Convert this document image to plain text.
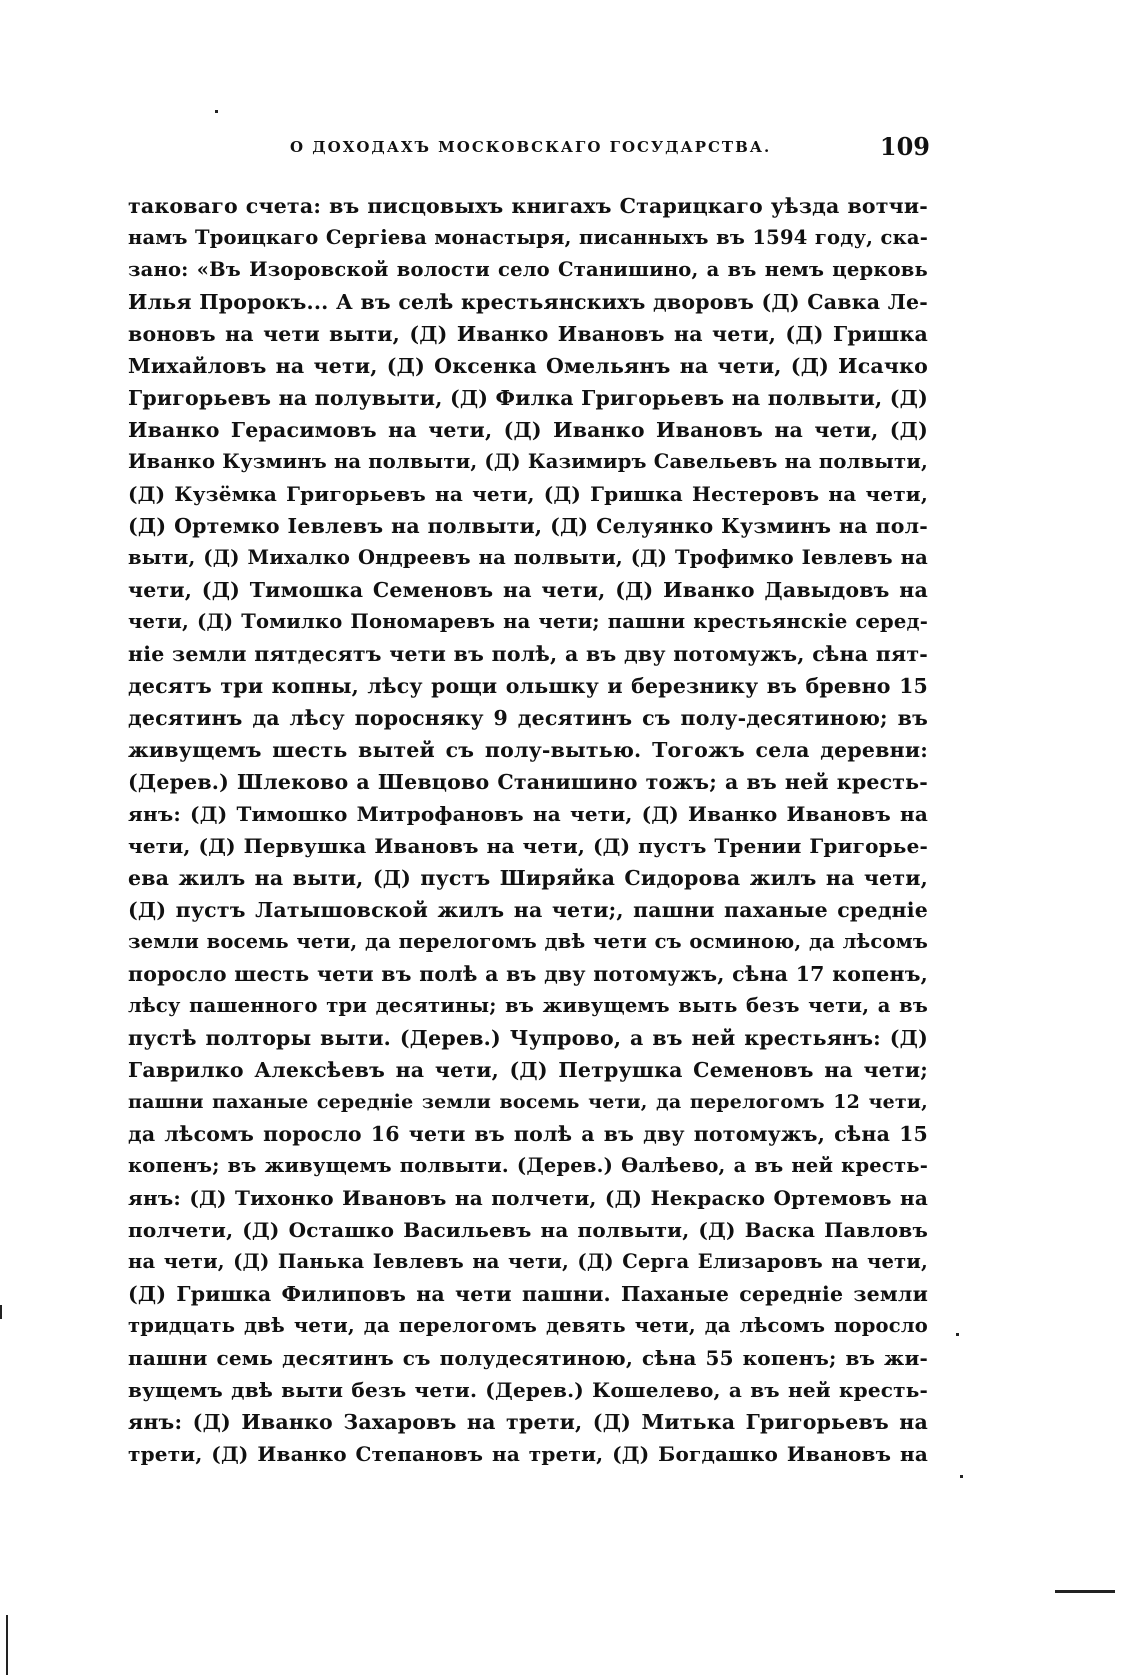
О ДОХОДАХЪ МОСКОВСКАГО ГОСУДАРСТВА.	109
таковаго счета: въ писцовыхъ книгахъ Старицкаго уѣзда вотчи-
намъ Троицкаго Сергіева монастыря, писанныхъ въ 1594 году, ска-
зано: «Въ Изоровской волости село Станишино, а въ немъ церковь
Илья Пророкъ... А въ селѣ крестьянскихъ дворовъ (Д) Савка Ле-
воновъ на чети выти, (Д) Иванко Ивановъ на чети, (Д) Гришка
Михайловъ на чети, (Д) Оксенка Омельянъ на чети, (Д) Исачко
Григорьевъ на полувыти, (Д) Филка Григорьевъ на полвыти, (Д)
Иванко Герасимовъ на чети, (Д) Иванко Ивановъ на чети, (Д)
Иванко Кузминъ на полвыти, (Д) Казимиръ Савельевъ на полвыти,
(Д) Кузёмка Григорьевъ на чети, (Д) Гришка Нестеровъ на чети,
(Д) Ортемко Іевлевъ на полвыти, (Д) Селуянко Кузминъ на пол-
выти, (Д) Михалко Ондреевъ на полвыти, (Д) Трофимко Іевлевъ на
чети, (Д) Тимошка Семеновъ на чети, (Д) Иванко Давыдовъ на
чети, (Д) Томилко Пономаревъ на чети; пашни крестьянскіе серед-
ніе земли пятдесятъ чети въ полѣ, а въ дву потомужъ, сѣна пят-
десятъ три копны, лѣсу рощи ольшку и березнику въ бревно 15
десятинъ да лѣсу поросняку 9 десятинъ съ полу-десятиною; въ
живущемъ шесть вытей съ полу-вытью. Тогожъ села деревни:
(Дерев.) Шлекoво а Шевцово Станишино тожъ; а въ ней кресть-
янъ: (Д) Тимошко Митрофановъ на чети, (Д) Иванко Ивановъ на
чети, (Д) Первушка Ивановъ на чети, (Д) пустъ Трении Григорье-
ева жилъ на выти, (Д) пустъ Ширяйка Сидорова жилъ на чети,
(Д) пустъ Латышовской жилъ на чети;, пашни паханые средніе
земли восемь чети, да перелогомъ двѣ чети съ осминою, да лѣсомъ
поросло шесть чети въ полѣ а въ дву потомужъ, сѣна 17 копенъ,
лѣсу пашенного три десятины; въ живущемъ выть безъ чети, а въ
пустѣ полторы выти. (Дерев.) Чупрово, а въ ней крестьянъ: (Д)
Гаврилко Алексѣевъ на чети, (Д) Петрушка Семеновъ на чети;
пашни паханые середніе земли восемь чети, да перелогомъ 12 чети,
да лѣсомъ поросло 16 чети въ полѣ а въ дву потомужъ, сѣна 15
копенъ; въ живущемъ полвыти. (Дерев.) Өалѣево, а въ ней кресть-
янъ: (Д) Тихонко Ивановъ на полчети, (Д) Некраско Ортемовъ на
полчети, (Д) Осташко Васильевъ на полвыти, (Д) Васка Павловъ
на чети, (Д) Панька Іевлевъ на чети, (Д) Серга Елизаровъ на чети,
(Д) Гришка Филиповъ на чети пашни. Паханые середніе земли
тридцать двѣ чети, да перелогомъ девять чети, да лѣсомъ поросло
пашни семь десятинъ съ полудесятиною, сѣна 55 копенъ; въ жи-
вущемъ двѣ выти безъ чети. (Дерев.) Кошелево, а въ ней кресть-
янъ: (Д) Иванко Захаровъ на трети, (Д) Митька Григорьевъ на
трети, (Д) Иванко Степановъ на трети, (Д) Богдашко Ивановъ на
